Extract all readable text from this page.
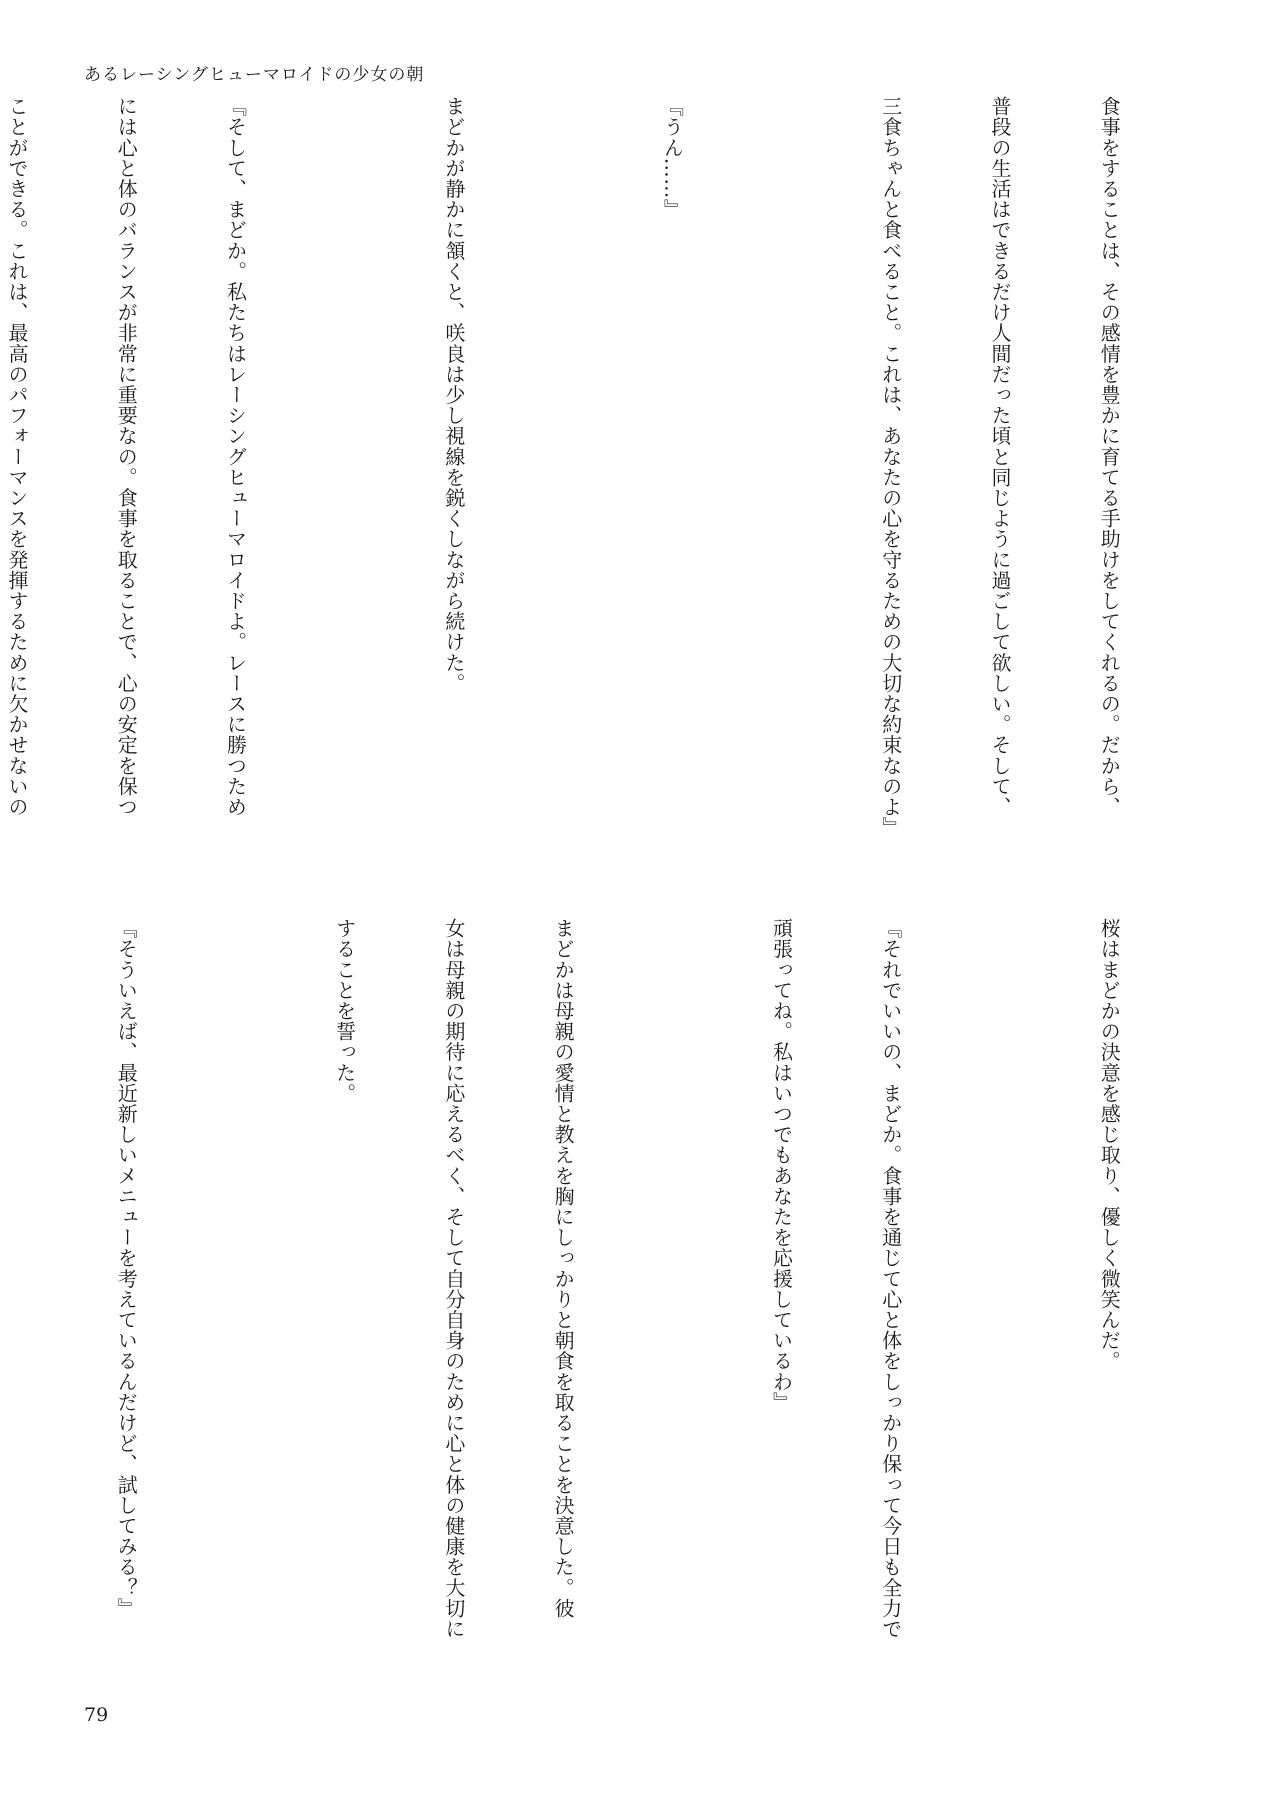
あるレーシングヒューマロイドの少女の朝

食事をすることは、その感情を豊かに育てる手助けをしてくれるの。だから、

普段の生活はできるだけ人間だった頃と同じように過ごして欲しい。そして、

三食ちゃんと食べること。これは、あなたの心を守るための大切な約束なのよ』

『うん……』

まどかが静かに頷くと、咲良は少し視線を鋭くしながら続けた。

『そして、まどか。私たちはレーシングヒューマロイドよ。レースに勝つため

には心と体のバランスが非常に重要なの。食事を取ることで、心の安定を保つ

ことができる。これは、最高のパフォーマンスを発揮するために欠かせないの

桜はまどかの決意を感じ取り、優しく微笑んだ。

『それでいいの、まどか。食事を通じて心と体をしっかり保って今日も全力で

頑張ってね。私はいつでもあなたを応援しているわ』

まどかは母親の愛情と教えを胸にしっかりと朝食を取ることを決意した。彼

女は母親の期待に応えるべく、そして自分自身のために心と体の健康を大切に

することを誓った。

『そういえば、最近新しいメニューを考えているんだけど、試してみる？』

79
